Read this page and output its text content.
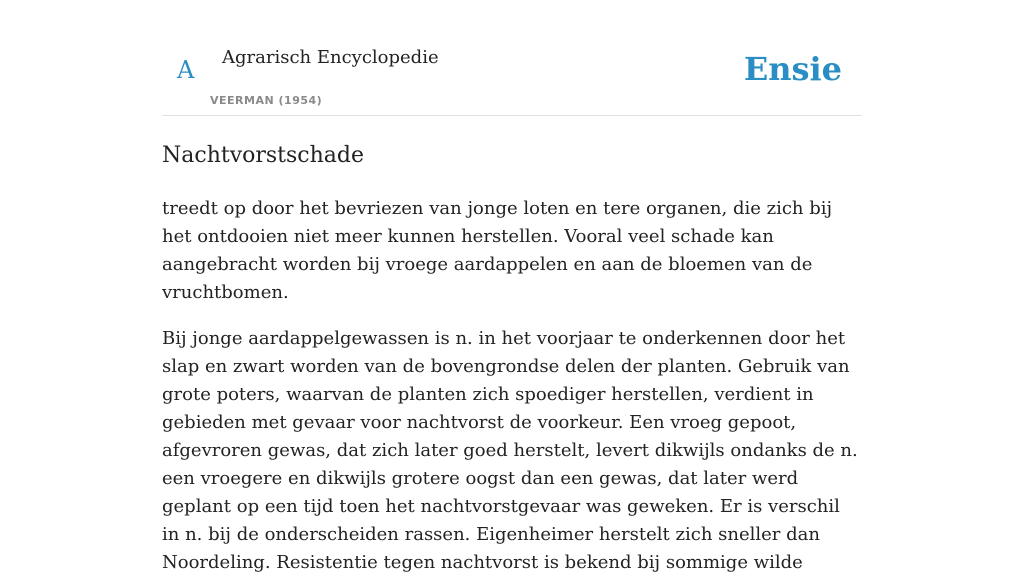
A Agrarisch Encyclopedie
VEERMAN (1954)
Ensie
Nachtvorstschade

treedt op door het bevriezen van jonge loten en tere organen, die zich bij het ontdooien niet meer kunnen herstellen. Vooral veel schade kan aangebracht worden bij vroege aardappelen en aan de bloemen van de vruchtbomen.

Bij jonge aardappelgewassen is n. in het voorjaar te onderkennen door het slap en zwart worden van de bovengrondse delen der planten. Gebruik van grote poters, waarvan de planten zich spoediger herstellen, verdient in gebieden met gevaar voor nachtvorst de voorkeur. Een vroeg gepoot, afgevroren gewas, dat zich later goed herstelt, levert dikwijls ondanks de n. een vroegere en dikwijls grotere oogst dan een gewas, dat later werd geplant op een tijd toen het nachtvorstgevaar was geweken. Er is verschil in n. bij de onderscheiden rassen. Eigenheimer herstelt zich sneller dan Noordeling. Resistentie tegen nachtvorst is bekend bij sommige wilde
